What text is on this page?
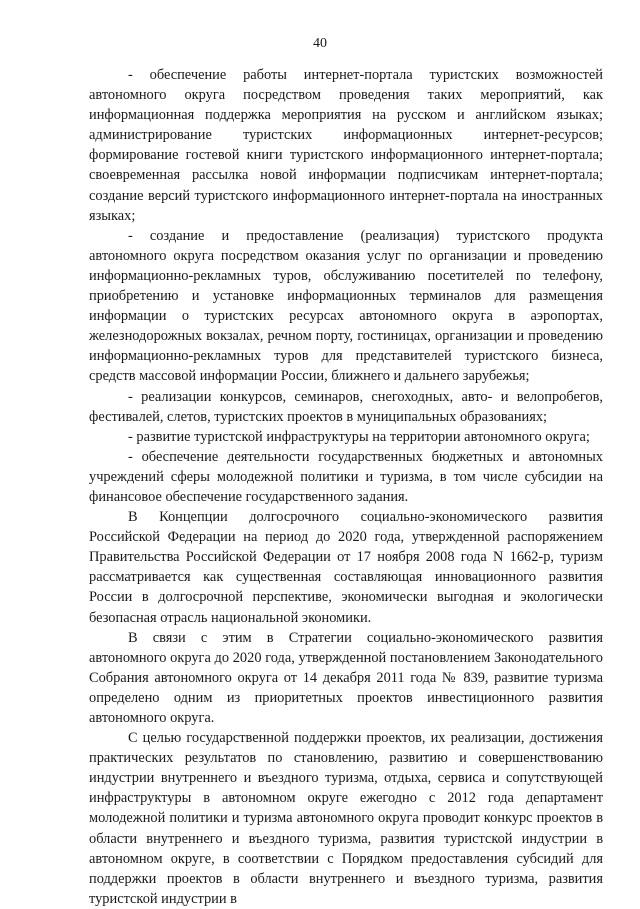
40

- обеспечение работы интернет-портала туристских возможностей автономного округа посредством проведения таких мероприятий, как информационная поддержка мероприятия на русском и английском языках; администрирование туристских информационных интернет-ресурсов; формирование гостевой книги туристского информационного интернет-портала; своевременная рассылка новой информации подписчикам интернет-портала; создание версий туристского информационного интернет-портала на иностранных языках;

- создание и предоставление (реализация) туристского продукта автономного округа посредством оказания услуг по организации и проведению информационно-рекламных туров, обслуживанию посетителей по телефону, приобретению и установке информационных терминалов для размещения информации о туристских ресурсах автономного округа в аэропортах, железнодорожных вокзалах, речном порту, гостиницах, организации и проведению информационно-рекламных туров для представителей туристского бизнеса, средств массовой информации России, ближнего и дальнего зарубежья;

- реализации конкурсов, семинаров, снегоходных, авто- и велопробегов, фестивалей, слетов, туристских проектов в муниципальных образованиях;

- развитие туристской инфраструктуры на территории автономного округа;

- обеспечение деятельности государственных бюджетных и автономных учреждений сферы молодежной политики и туризма, в том числе субсидии на финансовое обеспечение государственного задания.

В Концепции долгосрочного социально-экономического развития Российской Федерации на период до 2020 года, утвержденной распоряжением Правительства Российской Федерации от 17 ноября 2008 года N 1662-р, туризм рассматривается как существенная составляющая инновационного развития России в долгосрочной перспективе, экономически выгодная и экологически безопасная отрасль национальной экономики.

В связи с этим в Стратегии социально-экономического развития автономного округа до 2020 года, утвержденной постановлением Законодательного Собрания автономного округа от 14 декабря 2011 года № 839, развитие туризма определено одним из приоритетных проектов инвестиционного развития автономного округа.

С целью государственной поддержки проектов, их реализации, достижения практических результатов по становлению, развитию и совершенствованию индустрии внутреннего и въездного туризма, отдыха, сервиса и сопутствующей инфраструктуры в автономном округе ежегодно с 2012 года департамент молодежной политики и туризма автономного округа проводит конкурс проектов в области внутреннего и въездного туризма, развития туристской индустрии в автономном округе, в соответствии с Порядком предоставления субсидий для поддержки проектов в области внутреннего и въездного туризма, развития туристской индустрии в
